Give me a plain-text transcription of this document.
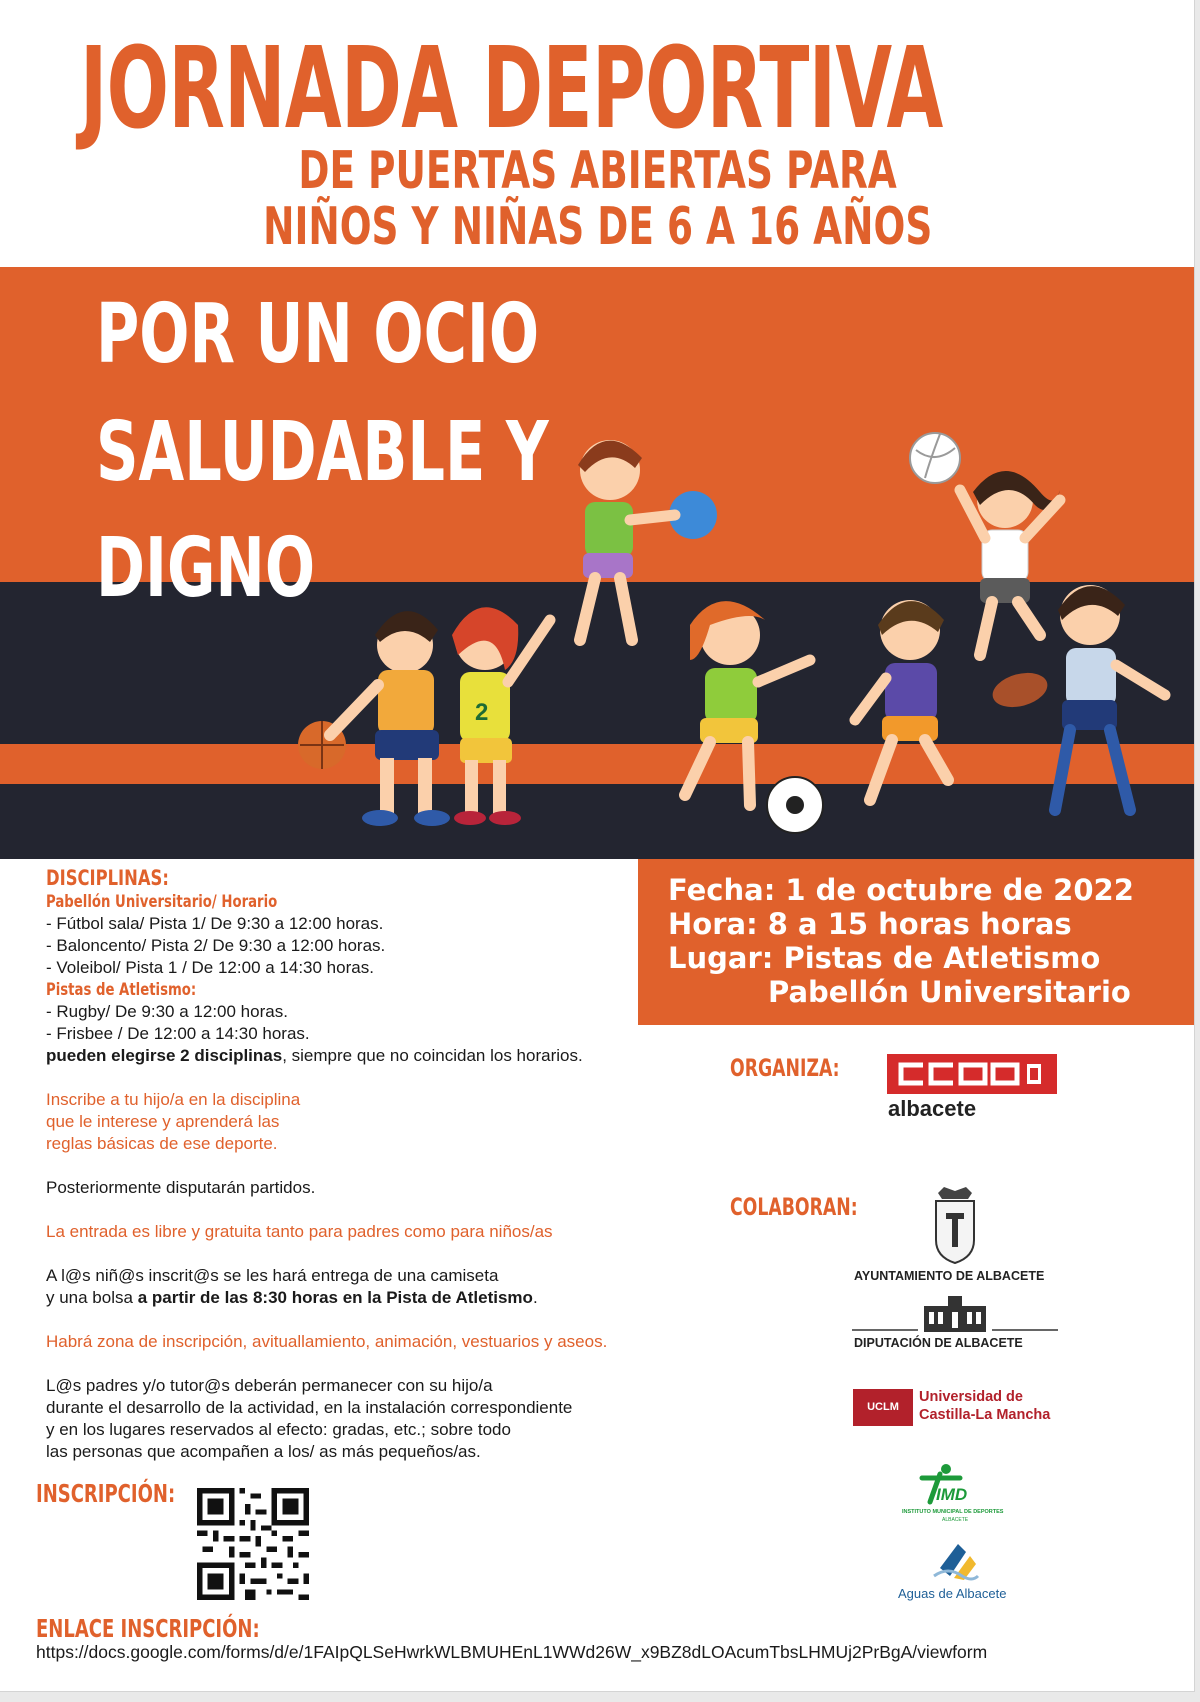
JORNADA DEPORTIVA
DE PUERTAS ABIERTAS PARA
NIÑOS Y NIÑAS DE 6 A 16 AÑOS
POR UN OCIO
SALUDABLE Y
DIGNO
2
Fecha: 1 de octubre de 2022
Hora: 8 a 15 horas horas
Lugar: Pistas de Atletismo
Pabellón Universitario
DISCIPLINAS:
Pabellón Universitario/ Horario

- Fútbol sala/ Pista 1/ De 9:30 a 12:00 horas.

- Baloncento/ Pista 2/ De 9:30 a 12:00 horas.

- Voleibol/ Pista 1 / De 12:00 a 14:30 horas.

Pistas de Atletismo:

- Rugby/ De 9:30 a 12:00 horas.

- Frisbee / De 12:00 a 14:30 horas.

pueden elegirse 2 disciplinas, siempre que no coincidan los horarios.

Inscribe a tu hijo/a en la disciplina

que le interese y aprenderá las

reglas básicas de ese deporte.

Posteriormente disputarán partidos.

La entrada es libre y gratuita tanto para padres como para niños/as

A l@s niñ@s inscrit@s se les hará entrega de una camiseta

y una bolsa a partir de las 8:30 horas en la Pista de Atletismo.

Habrá zona de inscripción, avituallamiento, animación, vestuarios y aseos.

L@s padres y/o tutor@s deberán permanecer con su hijo/a

durante el desarrollo de la actividad, en la instalación correspondiente

y en los lugares reservados al efecto: gradas, etc.; sobre todo

las personas que acompañen a los/ as más pequeños/as.

INSCRIPCIÓN:
ENLACE INSCRIPCIÓN:
https://docs.google.com/forms/d/e/1FAIpQLSeHwrkWLBMUHEnL1WWd26W_x9BZ8dLOAcumTbsLHMUj2PrBgA/viewform
ORGANIZA:
albacete
COLABORAN:
AYUNTAMIENTO DE ALBACETE
DIPUTACIÓN DE ALBACETE
UCLM
Universidad de
Castilla-La Mancha
IMD
INSTITUTO MUNICIPAL DE DEPORTES
ALBACETE
Aguas de Albacete
